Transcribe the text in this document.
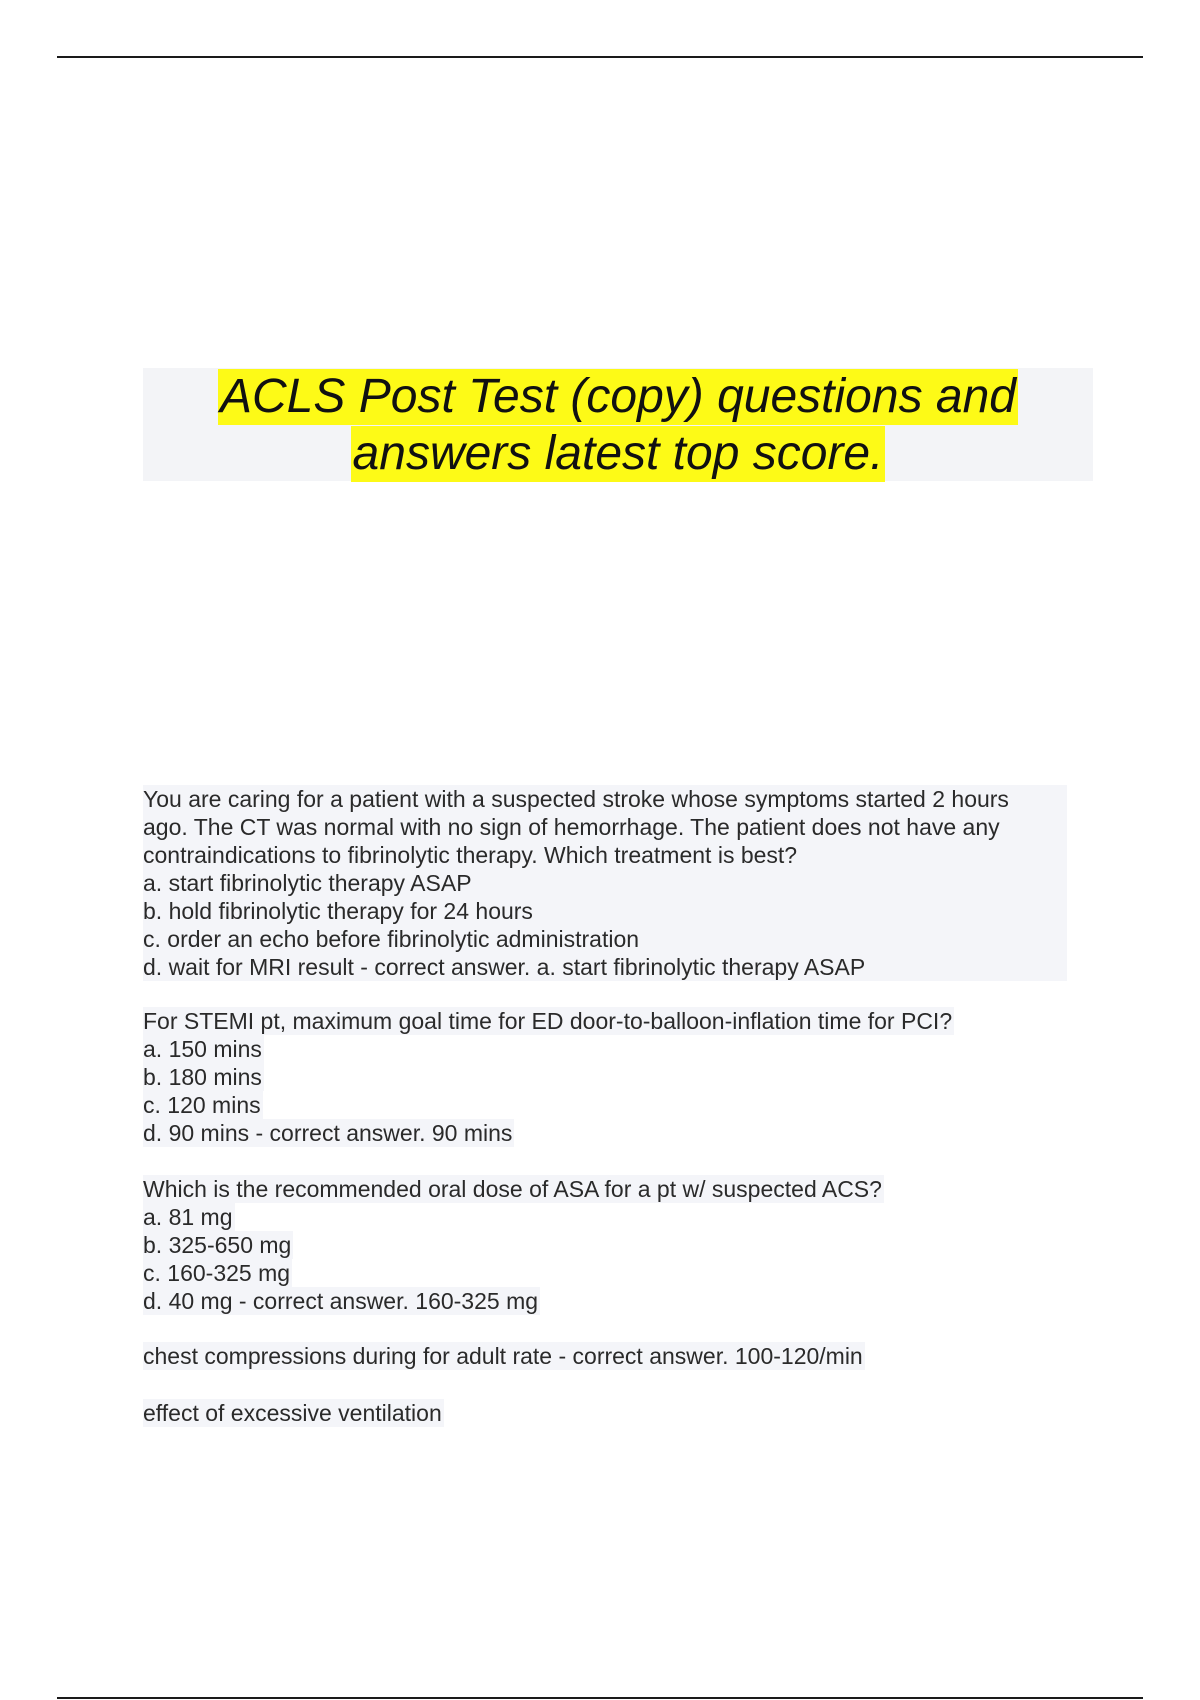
ACLS Post Test (copy) questions and
answers latest top score.
You are caring for a patient with a suspected stroke whose symptoms started 2 hours
ago. The CT was normal with no sign of hemorrhage. The patient does not have any
contraindications to fibrinolytic therapy. Which treatment is best?
a. start fibrinolytic therapy ASAP
b. hold fibrinolytic therapy for 24 hours
c. order an echo before fibrinolytic administration
d. wait for MRI result - correct answer. a. start fibrinolytic therapy ASAP
For STEMI pt, maximum goal time for ED door-to-balloon-inflation time for PCI?
a. 150 mins
b. 180 mins
c. 120 mins
d. 90 mins - correct answer. 90 mins
Which is the recommended oral dose of ASA for a pt w/ suspected ACS?
a. 81 mg
b. 325-650 mg
c. 160-325 mg
d. 40 mg - correct answer. 160-325 mg
chest compressions during for adult rate - correct answer. 100-120/min
effect of excessive ventilation
